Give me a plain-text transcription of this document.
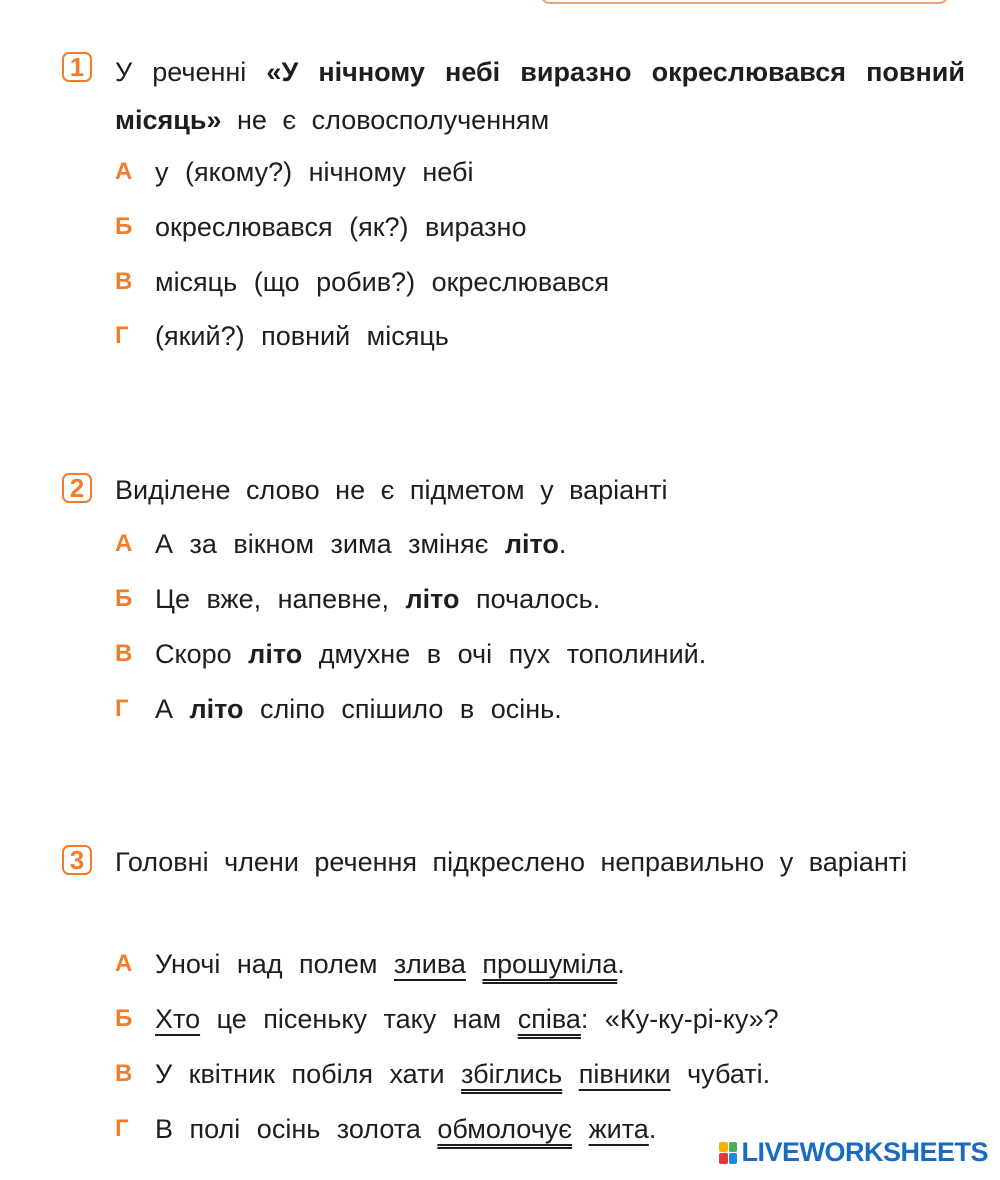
1 У реченні «У нічному небі виразно окреслювався повний місяць» не є словосполученням
А у (якому?) нічному небі
Б окреслювався (як?) виразно
В місяць (що робив?) окреслювався
Г (який?) повний місяць
2 Виділене слово не є підметом у варіанті
А А за вікном зима зміняє літо.
Б Це вже, напевне, літо почалось.
В Скоро літо дмухне в очі пух тополиний.
Г А літо сліпо спішило в осінь.
3 Головні члени речення підкреслено неправильно у варіанті
А Уночі над полем злива прошуміла.
Б Хто це пісеньку таку нам співа: «Ку-ку-рі-ку»?
В У квітник побіля хати збіглись півники чубаті.
Г В полі осінь золота обмолочує жита.
LIVEWORKSHEETS
